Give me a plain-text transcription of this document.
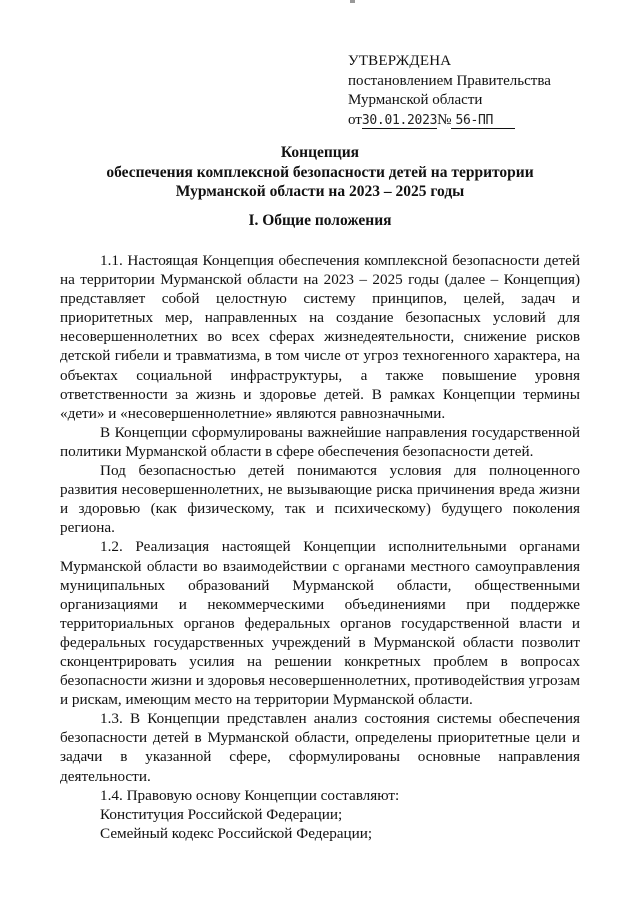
УТВЕРЖДЕНА
постановлением Правительства
Мурманской области
от30.01.2023№ 56-ПП
Концепция
обеспечения комплексной безопасности детей на территории
Мурманской области на 2023 – 2025 годы
I. Общие положения

1.1. Настоящая Концепция обеспечения комплексной безопасности детей на территории Мурманской области на 2023 – 2025 годы (далее – Концепция) представляет собой целостную систему принципов, целей, задач и приоритетных мер, направленных на создание безопасных условий для несовершеннолетних во всех сферах жизнедеятельности, снижение рисков детской гибели и травматизма, в том числе от угроз техногенного характера, на объектах социальной инфраструктуры, а также повышение уровня ответственности за жизнь и здоровье детей. В рамках Концепции термины «дети» и «несовершеннолетние» являются равнозначными.

В Концепции сформулированы важнейшие направления государственной политики Мурманской области в сфере обеспечения безопасности детей.

Под безопасностью детей понимаются условия для полноценного развития несовершеннолетних, не вызывающие риска причинения вреда жизни и здоровью (как физическому, так и психическому) будущего поколения региона.

1.2. Реализация настоящей Концепции исполнительными органами Мурманской области во взаимодействии с органами местного самоуправления муниципальных образований Мурманской области, общественными организациями и некоммерческими объединениями при поддержке территориальных органов федеральных органов государственной власти и федеральных государственных учреждений в Мурманской области позволит сконцентрировать усилия на решении конкретных проблем в вопросах безопасности жизни и здоровья несовершеннолетних, противодействия угрозам и рискам, имеющим место на территории Мурманской области.

1.3. В Концепции представлен анализ состояния системы обеспечения безопасности детей в Мурманской области, определены приоритетные цели и задачи в указанной сфере, сформулированы основные направления деятельности.

1.4. Правовую основу Концепции составляют:

Конституция Российской Федерации;

Семейный кодекс Российской Федерации;
